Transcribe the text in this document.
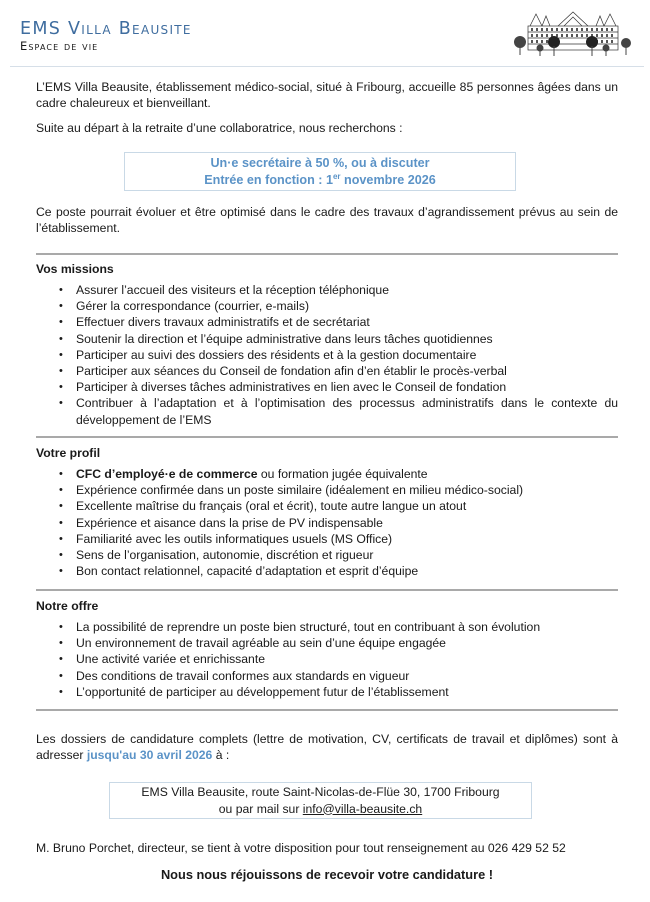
EMS Villa Beausite
Espace de vie

L’EMS Villa Beausite, établissement médico-social, situé à Fribourg, accueille 85 personnes âgées dans un cadre chaleureux et bienveillant.

Suite au départ à la retraite d’une collaboratrice, nous recherchons :

Un·e secrétaire à 50 %, ou à discuter
Entrée en fonction : 1er novembre 2026

Ce poste pourrait évoluer et être optimisé dans le cadre des travaux d’agrandissement prévus au sein de l’établissement.

Vos missions
• Assurer l’accueil des visiteurs et la réception téléphonique
• Gérer la correspondance (courrier, e-mails)
• Effectuer divers travaux administratifs et de secrétariat
• Soutenir la direction et l’équipe administrative dans leurs tâches quotidiennes
• Participer au suivi des dossiers des résidents et à la gestion documentaire
• Participer aux séances du Conseil de fondation afin d’en établir le procès-verbal
• Participer à diverses tâches administratives en lien avec le Conseil de fondation
• Contribuer à l’adaptation et à l’optimisation des processus administratifs dans le contexte du développement de l’EMS
Votre profil
• CFC d’employé·e de commerce ou formation jugée équivalente
• Expérience confirmée dans un poste similaire (idéalement en milieu médico-social)
• Excellente maîtrise du français (oral et écrit), toute autre langue un atout
• Expérience et aisance dans la prise de PV indispensable
• Familiarité avec les outils informatiques usuels (MS Office)
• Sens de l’organisation, autonomie, discrétion et rigueur
• Bon contact relationnel, capacité d’adaptation et esprit d’équipe
Notre offre
• La possibilité de reprendre un poste bien structuré, tout en contribuant à son évolution
• Un environnement de travail agréable au sein d’une équipe engagée
• Une activité variée et enrichissante
• Des conditions de travail conformes aux standards en vigueur
• L’opportunité de participer au développement futur de l’établissement

Les dossiers de candidature complets (lettre de motivation, CV, certificats de travail et diplômes) sont à adresser jusqu'au 30 avril 2026 à :

EMS Villa Beausite, route Saint-Nicolas-de-Flüe 30, 1700 Fribourg
ou par mail sur info@villa-beausite.ch

M. Bruno Porchet, directeur, se tient à votre disposition pour tout renseignement au 026 429 52 52

Nous nous réjouissons de recevoir votre candidature !
